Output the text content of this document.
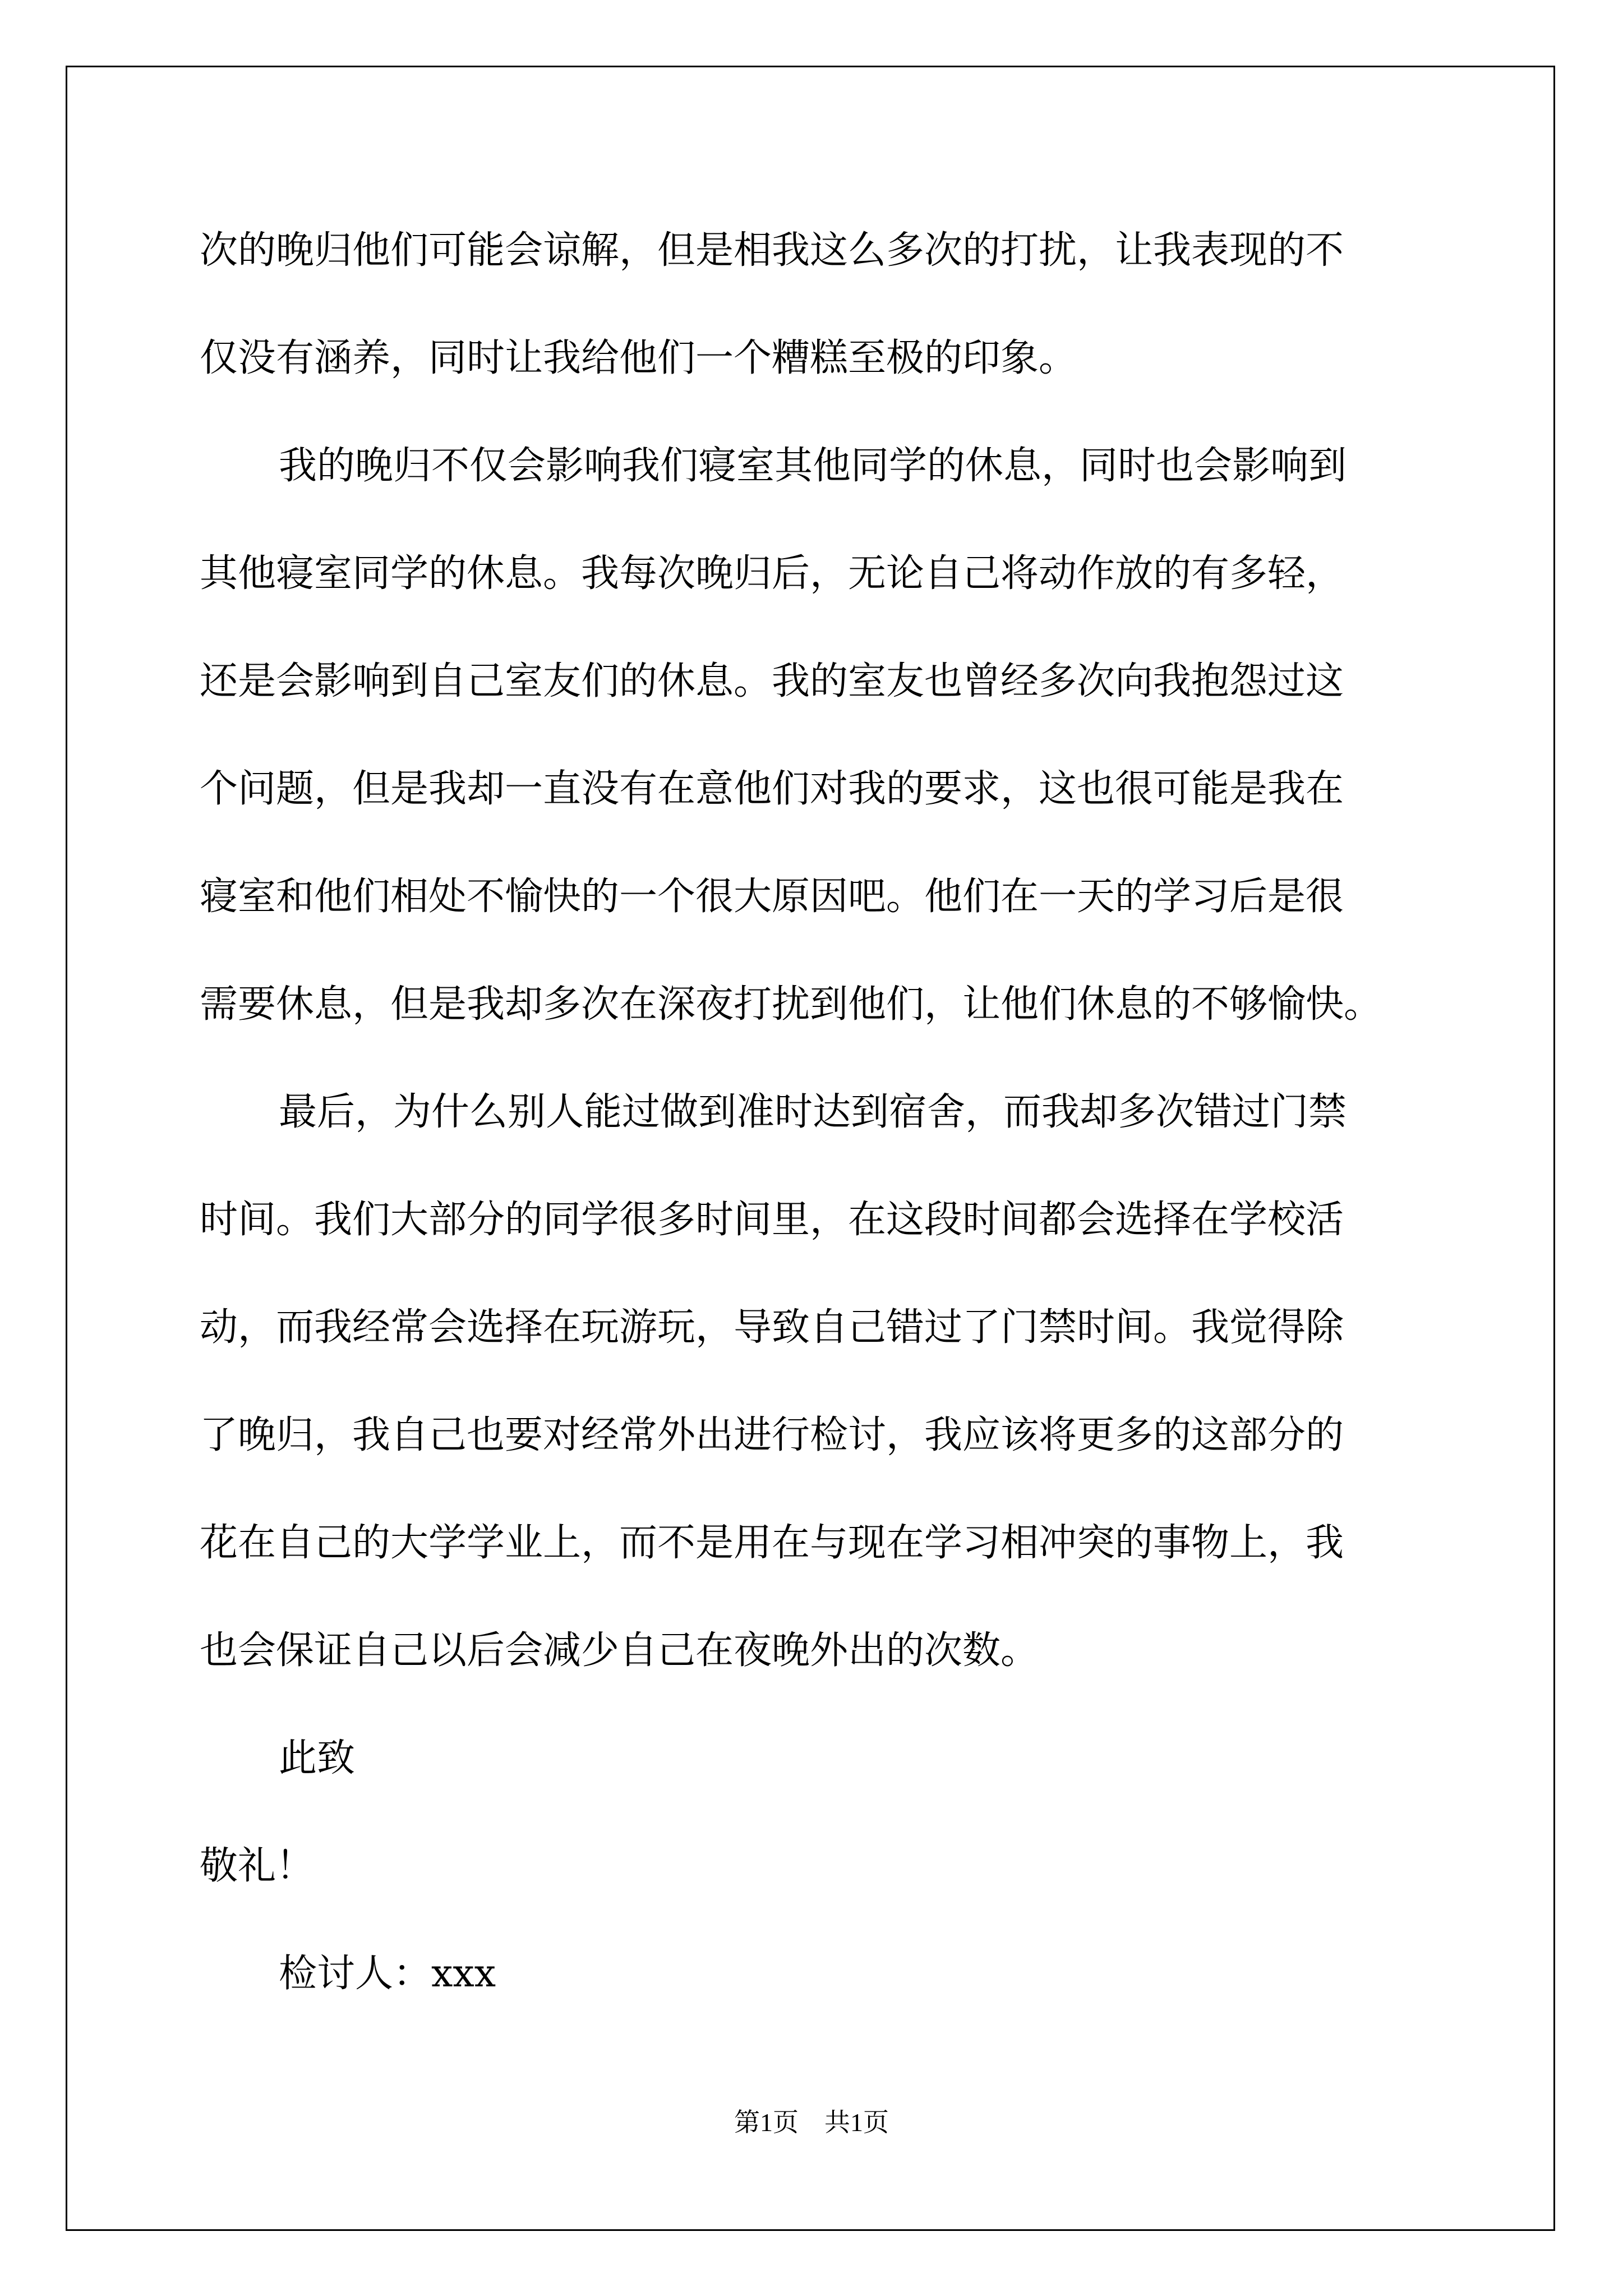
次的晚归他们可能会谅解，但是相我这么多次的打扰，让我表现的不
仅没有涵养，同时让我给他们一个糟糕至极的印象。
我的晚归不仅会影响我们寝室其他同学的休息，同时也会影响到
其他寝室同学的休息。我每次晚归后，无论自己将动作放的有多轻，
还是会影响到自己室友们的休息。我的室友也曾经多次向我抱怨过这
个问题，但是我却一直没有在意他们对我的要求，这也很可能是我在
寝室和他们相处不愉快的一个很大原因吧。他们在一天的学习后是很
需要休息，但是我却多次在深夜打扰到他们，让他们休息的不够愉快。
最后，为什么别人能过做到准时达到宿舍，而我却多次错过门禁
时间。我们大部分的同学很多时间里，在这段时间都会选择在学校活
动，而我经常会选择在玩游玩，导致自己错过了门禁时间。我觉得除
了晚归，我自己也要对经常外出进行检讨，我应该将更多的这部分的
花在自己的大学学业上，而不是用在与现在学习相冲突的事物上，我
也会保证自己以后会减少自己在夜晚外出的次数。
此致
敬礼！
检讨人：xxx
第1页　共1页
